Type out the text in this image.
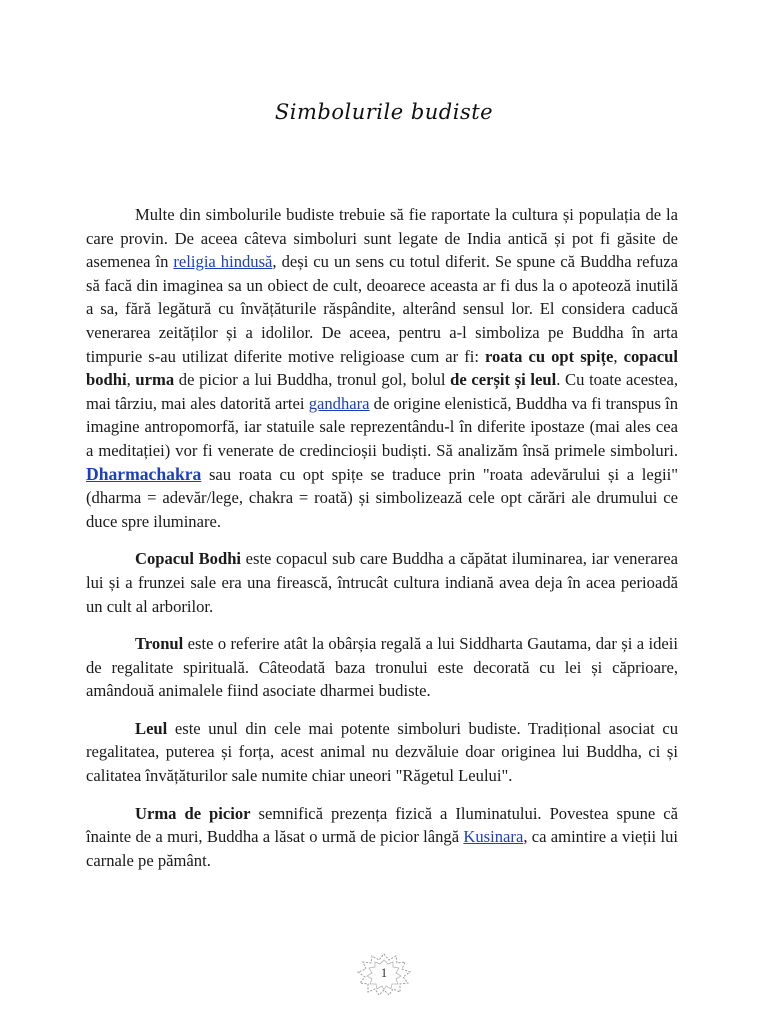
Simbolurile budiste

Multe din simbolurile budiste trebuie să fie raportate la cultura și populația de la care provin. De aceea câteva simboluri sunt legate de India antică și pot fi găsite de asemenea în religia hindusă, deși cu un sens cu totul diferit. Se spune că Buddha refuza să facă din imaginea sa un obiect de cult, deoarece aceasta ar fi dus la o apoteoză inutilă a sa, fără legătură cu învățăturile răspândite, alterând sensul lor. El considera caducă venerarea zeităților și a idolilor. De aceea, pentru a-l simboliza pe Buddha în arta timpurie s-au utilizat diferite motive religioase cum ar fi: roata cu opt spițe, copacul bodhi, urma de picior a lui Buddha, tronul gol, bolul de cerșit și leul. Cu toate acestea, mai târziu, mai ales datorită artei gandhara de origine elenistică, Buddha va fi transpus în imagine antropomorfă, iar statuile sale reprezentându-l în diferite ipostaze (mai ales cea a meditației) vor fi venerate de credincioșii budiști. Să analizăm însă primele simboluri. Dharmachakra sau roata cu opt spițe se traduce prin "roata adevărului și a legii" (dharma = adevăr/lege, chakra = roată) și simbolizează cele opt cărări ale drumului ce duce spre iluminare.

Copacul Bodhi este copacul sub care Buddha a căpătat iluminarea, iar venerarea lui și a frunzei sale era una firească, întrucât cultura indiană avea deja în acea perioadă un cult al arborilor.

Tronul este o referire atât la obârșia regală a lui Siddharta Gautama, dar și a ideii de regalitate spirituală. Câteodată baza tronului este decorată cu lei și căprioare, amândouă animalele fiind asociate dharmei budiste.

Leul este unul din cele mai potente simboluri budiste. Tradițional asociat cu regalitatea, puterea și forța, acest animal nu dezvăluie doar originea lui Buddha, ci și calitatea învățăturilor sale numite chiar uneori "Răgetul Leului".

Urma de picior semnifică prezența fizică a Iluminatului. Povestea spune că înainte de a muri, Buddha a lăsat o urmă de picior lângă Kusinara, ca amintire a vieții lui carnale pe pământ.

1
